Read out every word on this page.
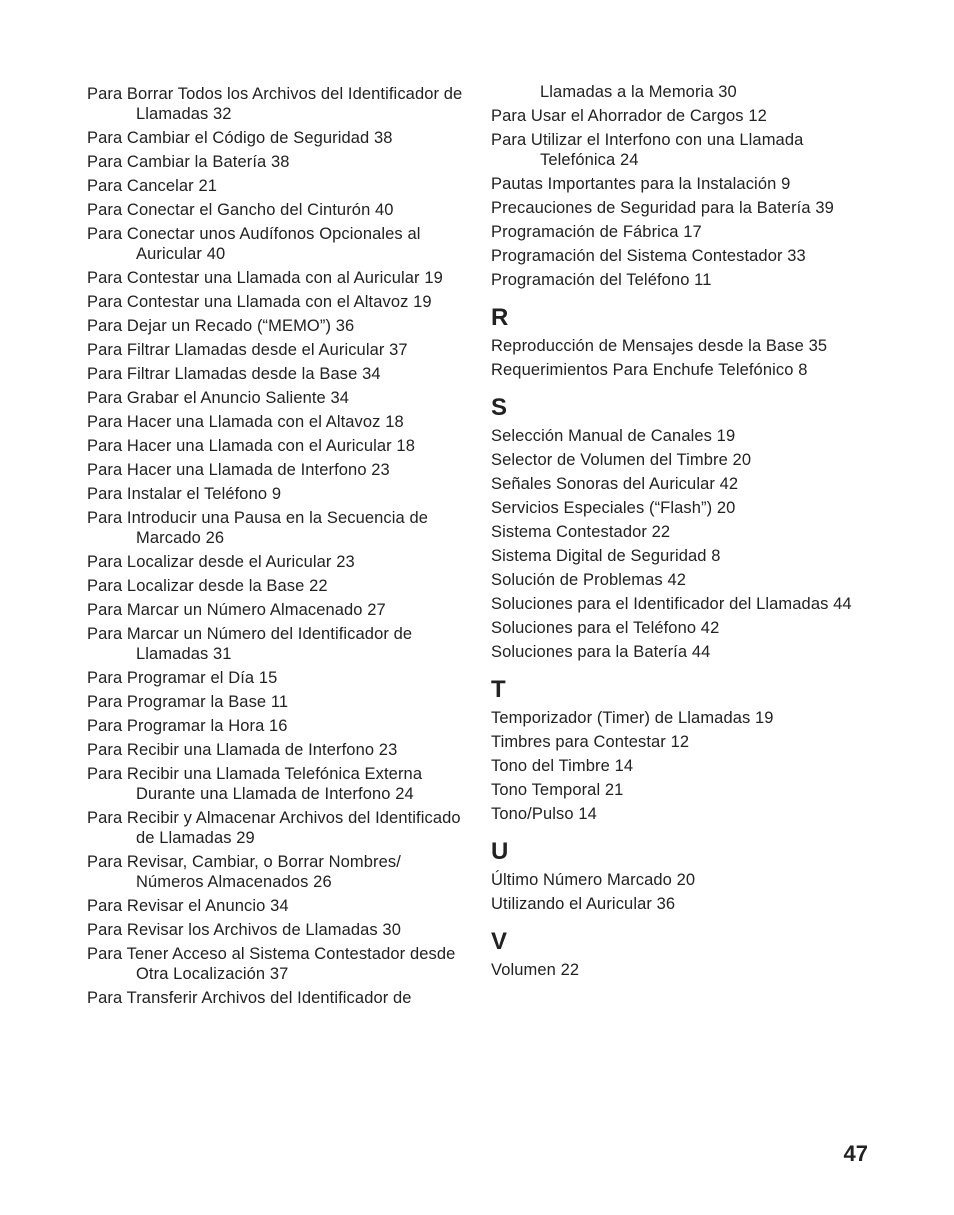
Para Borrar Todos los Archivos del Identificador de Llamadas 32
Para Cambiar el Código de Seguridad 38
Para Cambiar la Batería 38
Para Cancelar 21
Para Conectar el Gancho del Cinturón 40
Para Conectar unos Audífonos Opcionales al Auricular 40
Para Contestar una Llamada con al Auricular 19
Para Contestar una Llamada con el Altavoz 19
Para Dejar un Recado (“MEMO”) 36
Para Filtrar Llamadas desde el Auricular 37
Para Filtrar Llamadas desde la Base 34
Para Grabar el Anuncio Saliente 34
Para Hacer una Llamada con el Altavoz 18
Para Hacer una Llamada con el Auricular 18
Para Hacer una Llamada de Interfono 23
Para Instalar el Teléfono 9
Para Introducir una Pausa en la Secuencia de Marcado 26
Para Localizar desde el Auricular 23
Para Localizar desde la Base 22
Para Marcar un Número Almacenado 27
Para Marcar un Número del Identificador de Llamadas 31
Para Programar el Día 15
Para Programar la Base 11
Para Programar la Hora 16
Para Recibir una Llamada de Interfono 23
Para Recibir una Llamada Telefónica Externa Durante una Llamada de Interfono 24
Para Recibir y Almacenar Archivos del Identificado de Llamadas 29
Para Revisar, Cambiar, o Borrar Nombres/ Números Almacenados 26
Para Revisar el Anuncio 34
Para Revisar los Archivos de Llamadas 30
Para Tener Acceso al Sistema Contestador desde Otra Localización 37
Para Transferir Archivos del Identificador de
Llamadas a la Memoria 30
Para Usar el Ahorrador de Cargos 12
Para Utilizar el Interfono con una Llamada Telefónica 24
Pautas Importantes para la Instalación 9
Precauciones de Seguridad para la Batería 39
Programación de Fábrica 17
Programación del Sistema Contestador 33
Programación del Teléfono 11
R
Reproducción de Mensajes desde la Base 35
Requerimientos Para Enchufe Telefónico 8
S
Selección Manual de Canales 19
Selector de Volumen del Timbre 20
Señales Sonoras del Auricular 42
Servicios Especiales (“Flash”) 20
Sistema Contestador 22
Sistema Digital de Seguridad 8
Solución de Problemas 42
Soluciones para el Identificador del Llamadas 44
Soluciones para el Teléfono 42
Soluciones para la Batería 44
T
Temporizador (Timer) de Llamadas 19
Timbres para Contestar 12
Tono del Timbre 14
Tono Temporal 21
Tono/Pulso 14
U
Último Número Marcado 20
Utilizando el Auricular 36
V
Volumen 22
47
